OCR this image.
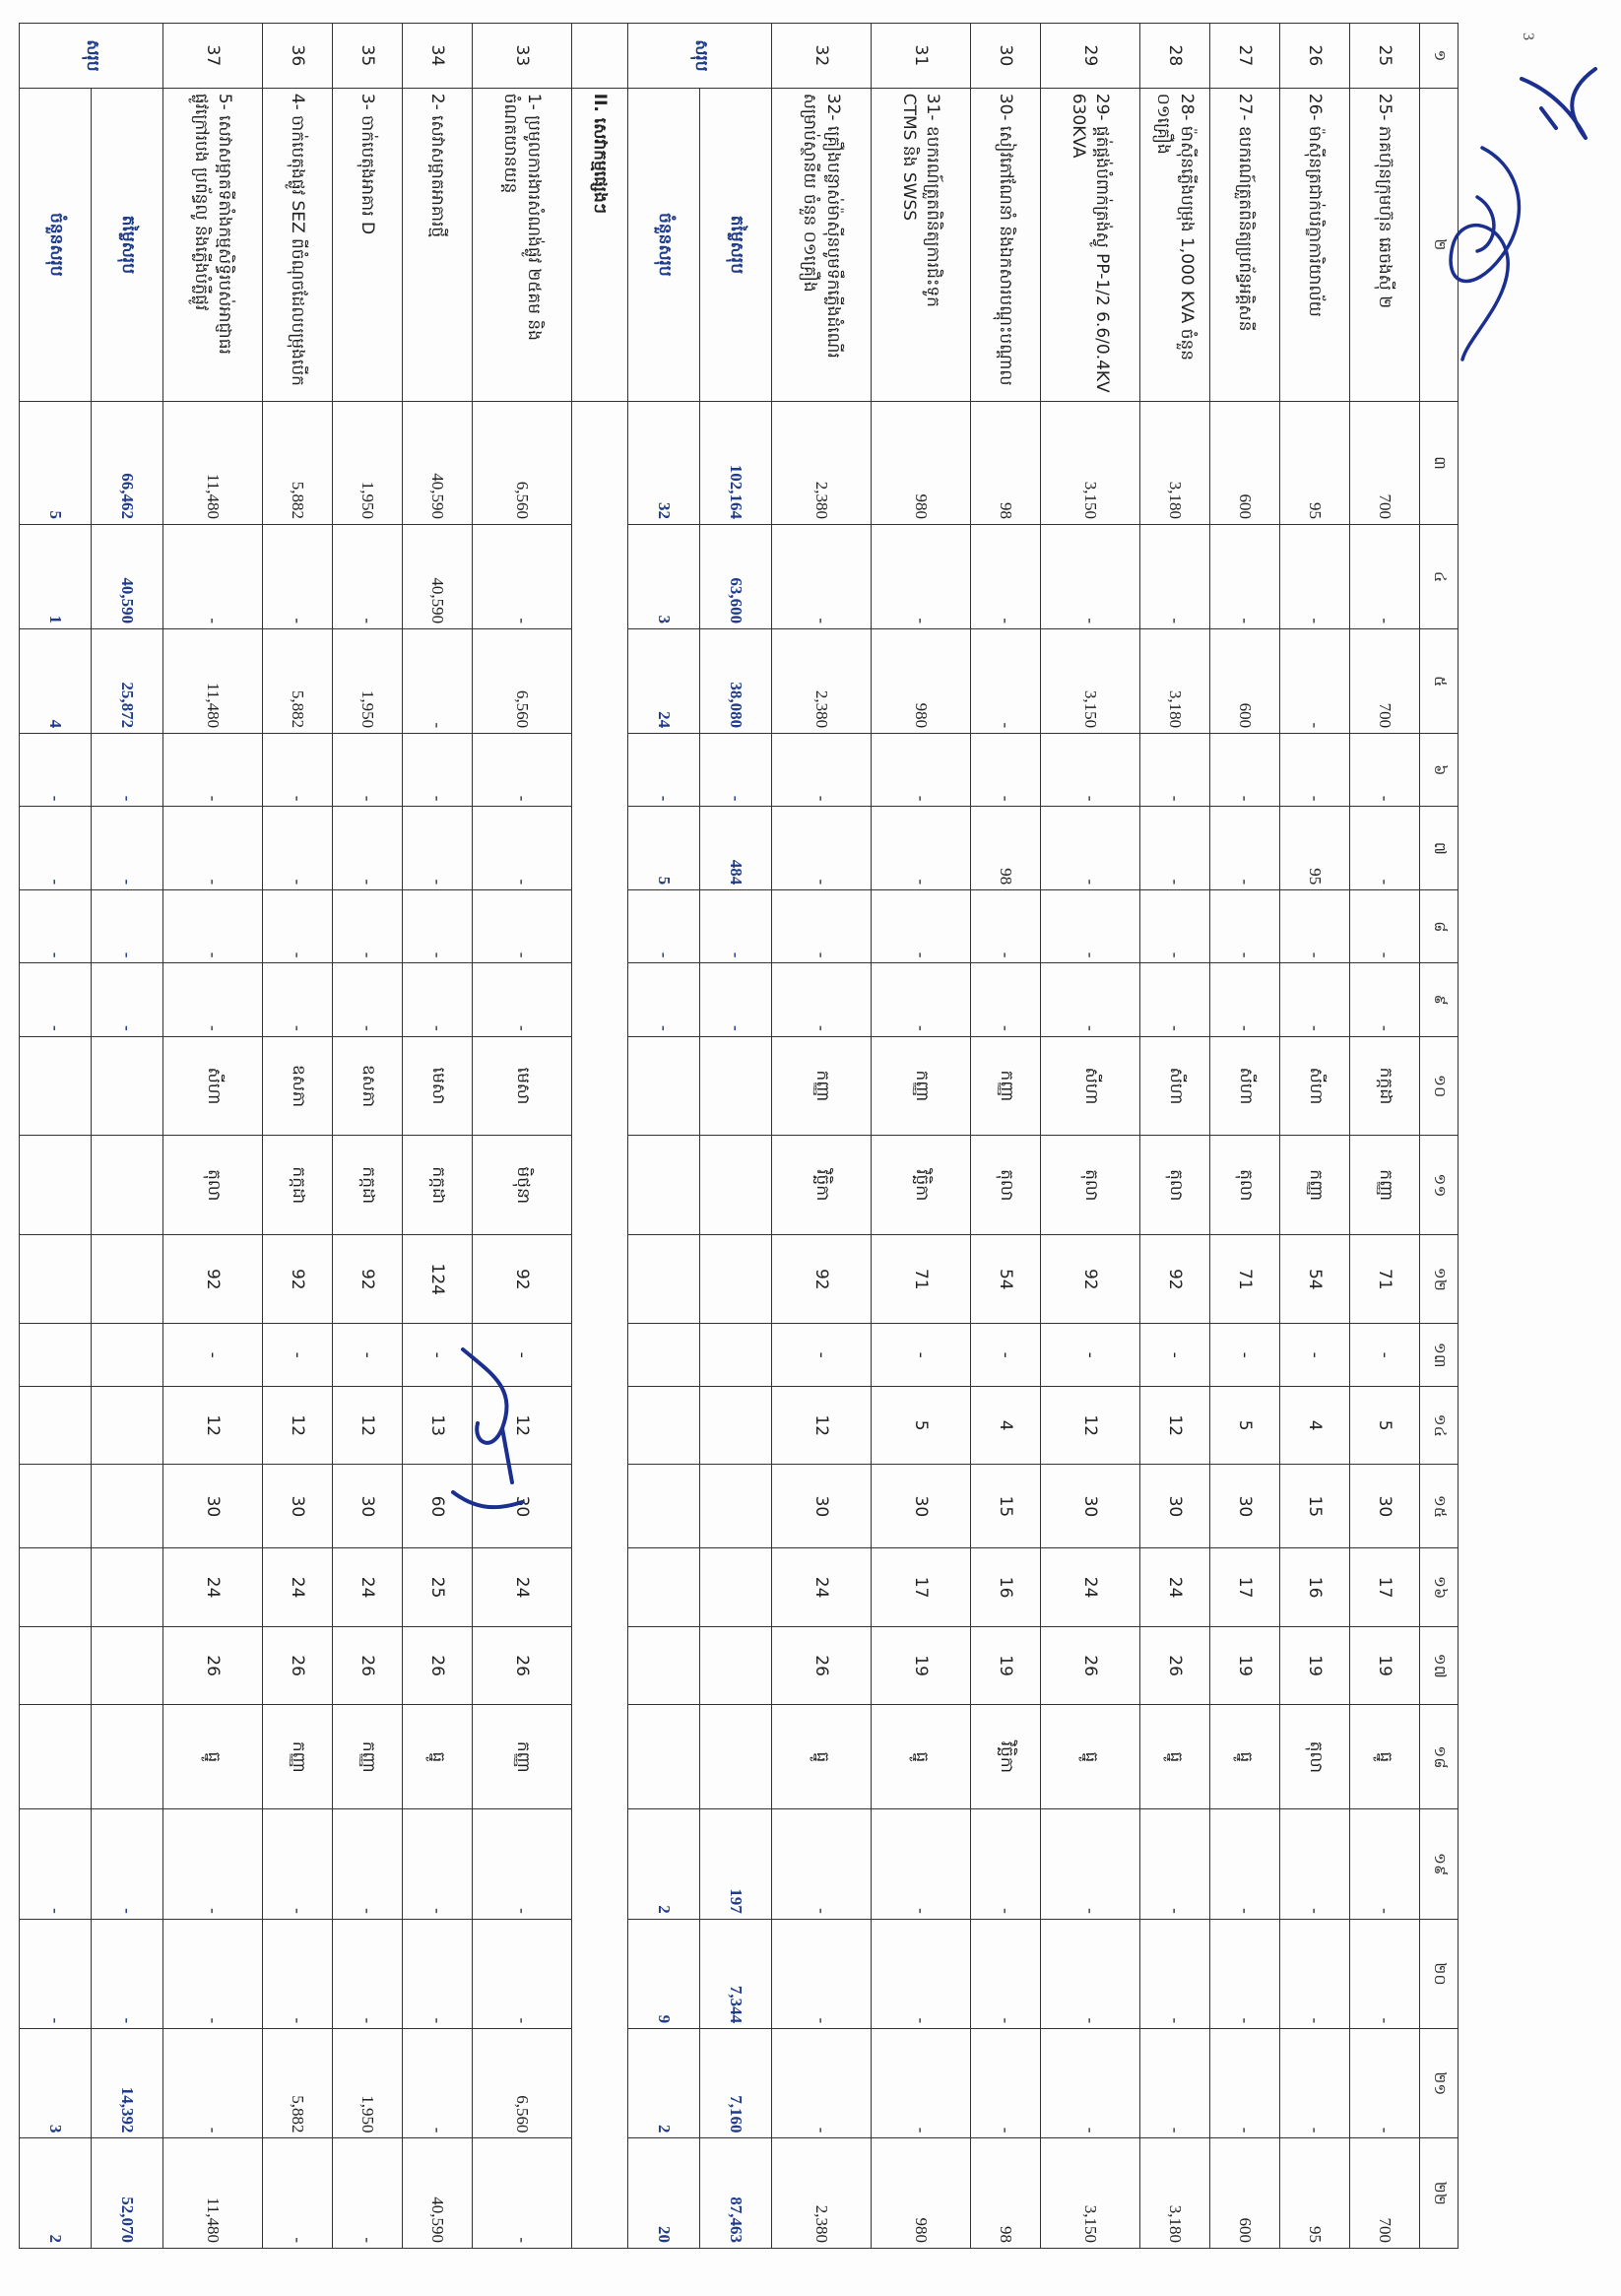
១	២	៣	៤	៥	៦	៧	៨	៩	១០	១១	១២	១៣	១៤	១៥	១៦	១៧	១៨	១៩	២០	២១	២២
25	25- ភាគហ៊ុនក្រុមហ៊ុន ឆេចងស៊ី ២	700	-	700	-	-	-	-	កក្កដា	កញ្ញា	71	-	5	30	17	19	ធ្នូ	-	-	-	700
26	26- ម៉ាស៊ីនត្រជាក់បរិក្ខាការិយាល័យ	95	-	-	-	95	-	-	សីហា	កញ្ញា	54	-	4	15	16	19	តុលា	-	-	-	95
27	27- ឧបករណ៍ត្រួតពិនិត្យប្រព័ន្ធអគ្គិសនី	600	-	600	-	-	-	-	សីហា	តុលា	71	-	5	30	17	19	ធ្នូ	-	-	-	600
28	28- ម៉ាស៊ីនភ្លើងបម្រុង 1,000 KVA ចំនួន ០១គ្រឿង	3,180	-	3,180	-	-	-	-	សីហា	តុលា	92	-	12	30	24	26	ធ្នូ	-	-	-	3,180
29	29- ផ្គត់ផ្គង់បំពាក់ត្រង់ស្វូ PP-1/2 6.6/0.4KV
630KVA	3,150	-	3,150	-	-	-	-	សីហា	តុលា	92	-	12	30	24	26	ធ្នូ	-	-	-	3,150
30	30- សៀវភៅណែនាំ និងឯកសារបណ្តុះបណ្តាល	98	-	-	-	98	-	-	កញ្ញា	តុលា	54	-	4	15	16	19	វិច្ឆិកា	-	-	-	98
31	31- ឧបករណ៍ត្រួតពិនិត្យការជិះទូក
CTMS និង SWSS	980	-	980	-	-	-	-	កញ្ញា	វិច្ឆិកា	71	-	5	30	17	19	ធ្នូ	-	-	-	980
32	32- គ្រឿងបន្លាស់ម៉ាស៊ីនបូមទឹកភ្លើងដំណើរ
សម្រាប់ស្ថានីយ ចំនួន ០១គ្រឿង	2,380	-	2,380	-	-	-	-	កញ្ញា	វិច្ឆិកា	92	-	12	30	24	26	ធ្នូ	-	-	-	2,380
សរុប	តម្លៃសរុប	102,164	63,600	38,080	-	484	-	-										197	7,344	7,160	87,463
	ចំនួនសរុប	32	3	24	-	5	-	-										2	9	2	20
	II. សេវាកម្មផ្សេងៗ																				
33	1- ប្រមូលការងារសំណង់ផ្លូវ ២៥គម និង
ចំណតយានយន្ត	6,560	-	6,560	-	-	-	-	មេសា	មិថុនា	92	-	12	30	24	26	កញ្ញា	-	-	6,560	-
34	2- សេវាសម្អាតអាគារថ្មី	40,590	40,590	-	-	-	-	-	មេសា	កក្កដា	124	-	13	60	25	26	ធ្នូ	-	-	-	40,590
35	3- ចាក់បេតុងអាគារ D	1,950	-	1,950	-	-	-	-	ឧសភា	កក្កដា	92	-	12	30	24	26	កញ្ញា	-	-	1,950	-
36	4- ចាក់បេតុងផ្លូវ SEZ ពីចំណុចដែលបម្រុងបើក	5,882	-	5,882	-	-	-	-	ឧសភា	កក្កដា	92	-	12	30	24	26	កញ្ញា	-	-	5,882	-
37	5- សេវាសម្អាតទីតាំងកម្មសិទ្ធិរបស់អាជ្ញាធរ
ផ្លូវក្រៅរបង ប្រព័ន្ធលូ និងភ្លើងបំភ្លឺផ្លូវ	11,480	-	11,480	-	-	-	-	សីហា	តុលា	92	-	12	30	24	26	ធ្នូ	-	-	-	11,480
សរុប	តម្លៃសរុប	66,462	40,590	25,872	-	-	-	-										-	-	14,392	52,070
	ចំនួនសរុប	5	1	4	-	-	-	-										-	-	3	2
3
